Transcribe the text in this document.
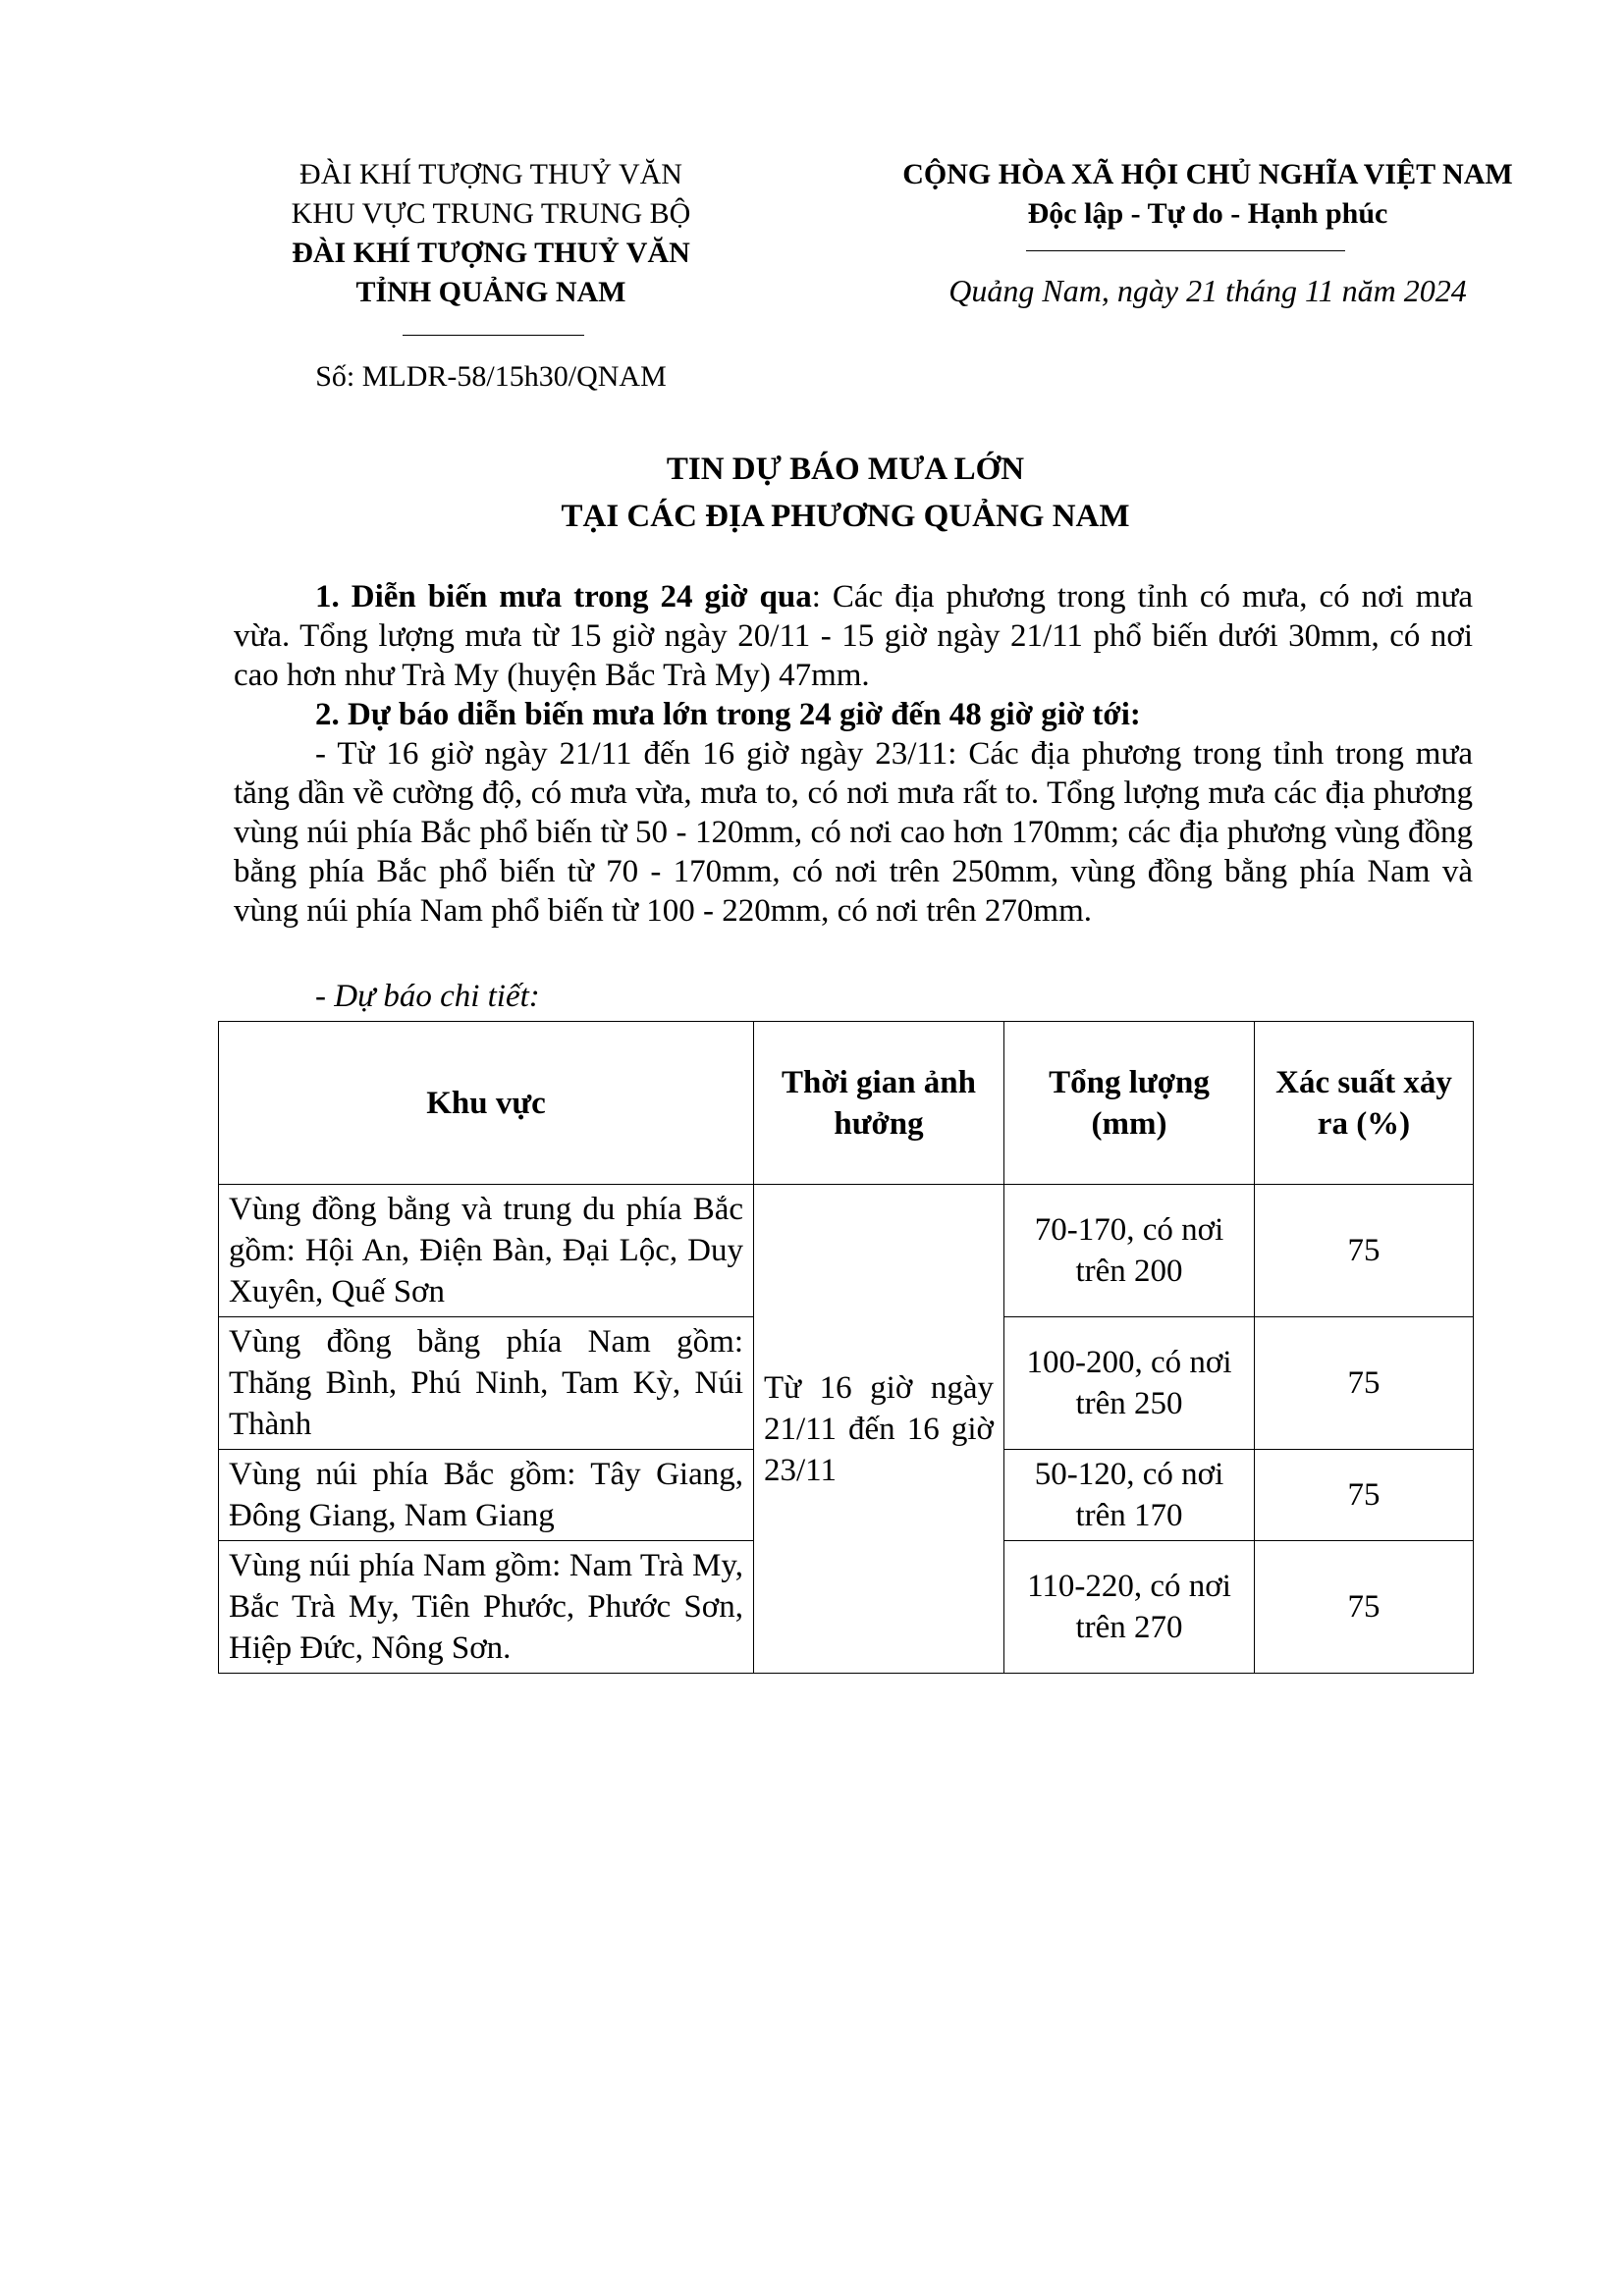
ĐÀI KHÍ TƯỢNG THUỶ VĂN
KHU VỰC TRUNG TRUNG BỘ
ĐÀI KHÍ TƯỢNG THUỶ VĂN
TỈNH QUẢNG NAM
Số: MLDR-58/15h30/QNAM
CỘNG HÒA XÃ HỘI CHỦ NGHĨA VIỆT NAM
Độc lập - Tự do - Hạnh phúc
Quảng Nam, ngày 21 tháng 11 năm 2024
TIN DỰ BÁO MƯA LỚN
TẠI CÁC ĐỊA PHƯƠNG QUẢNG NAM
1. Diễn biến mưa trong 24 giờ qua: Các địa phương trong tỉnh có mưa, có nơi mưa vừa. Tổng lượng mưa từ 15 giờ ngày 20/11 - 15 giờ ngày 21/11 phổ biến dưới 30mm, có nơi cao hơn như Trà My (huyện Bắc Trà My) 47mm.
2. Dự báo diễn biến mưa lớn trong 24 giờ đến 48 giờ giờ tới:
- Từ 16 giờ ngày 21/11 đến 16 giờ ngày 23/11: Các địa phương trong tỉnh trong mưa tăng dần về cường độ, có mưa vừa, mưa to, có nơi mưa rất to. Tổng lượng mưa các địa phương vùng núi phía Bắc phổ biến từ 50 - 120mm, có nơi cao hơn 170mm; các địa phương vùng đồng bằng phía Bắc phổ biến từ 70 - 170mm, có nơi trên 250mm, vùng đồng bằng phía Nam và vùng núi phía Nam phổ biến từ 100 - 220mm, có nơi trên 270mm.
- Dự báo chi tiết:
Khu vực	Thời gian ảnh hưởng	Tổng lượng (mm)	Xác suất xảy ra (%)
Vùng đồng bằng và trung du phía Bắc gồm: Hội An, Điện Bàn, Đại Lộc, Duy Xuyên, Quế Sơn	Từ 16 giờ ngày 21/11 đến 16 giờ 23/11	70-170, có nơi trên 200	75
Vùng đồng bằng phía Nam gồm: Thăng Bình, Phú Ninh, Tam Kỳ, Núi Thành		100-200, có nơi trên 250	75
Vùng núi phía Bắc gồm: Tây Giang, Đông Giang, Nam Giang		50-120, có nơi trên 170	75
Vùng núi phía Nam gồm: Nam Trà My, Bắc Trà My, Tiên Phước, Phước Sơn, Hiệp Đức, Nông Sơn.		110-220, có nơi trên 270	75
